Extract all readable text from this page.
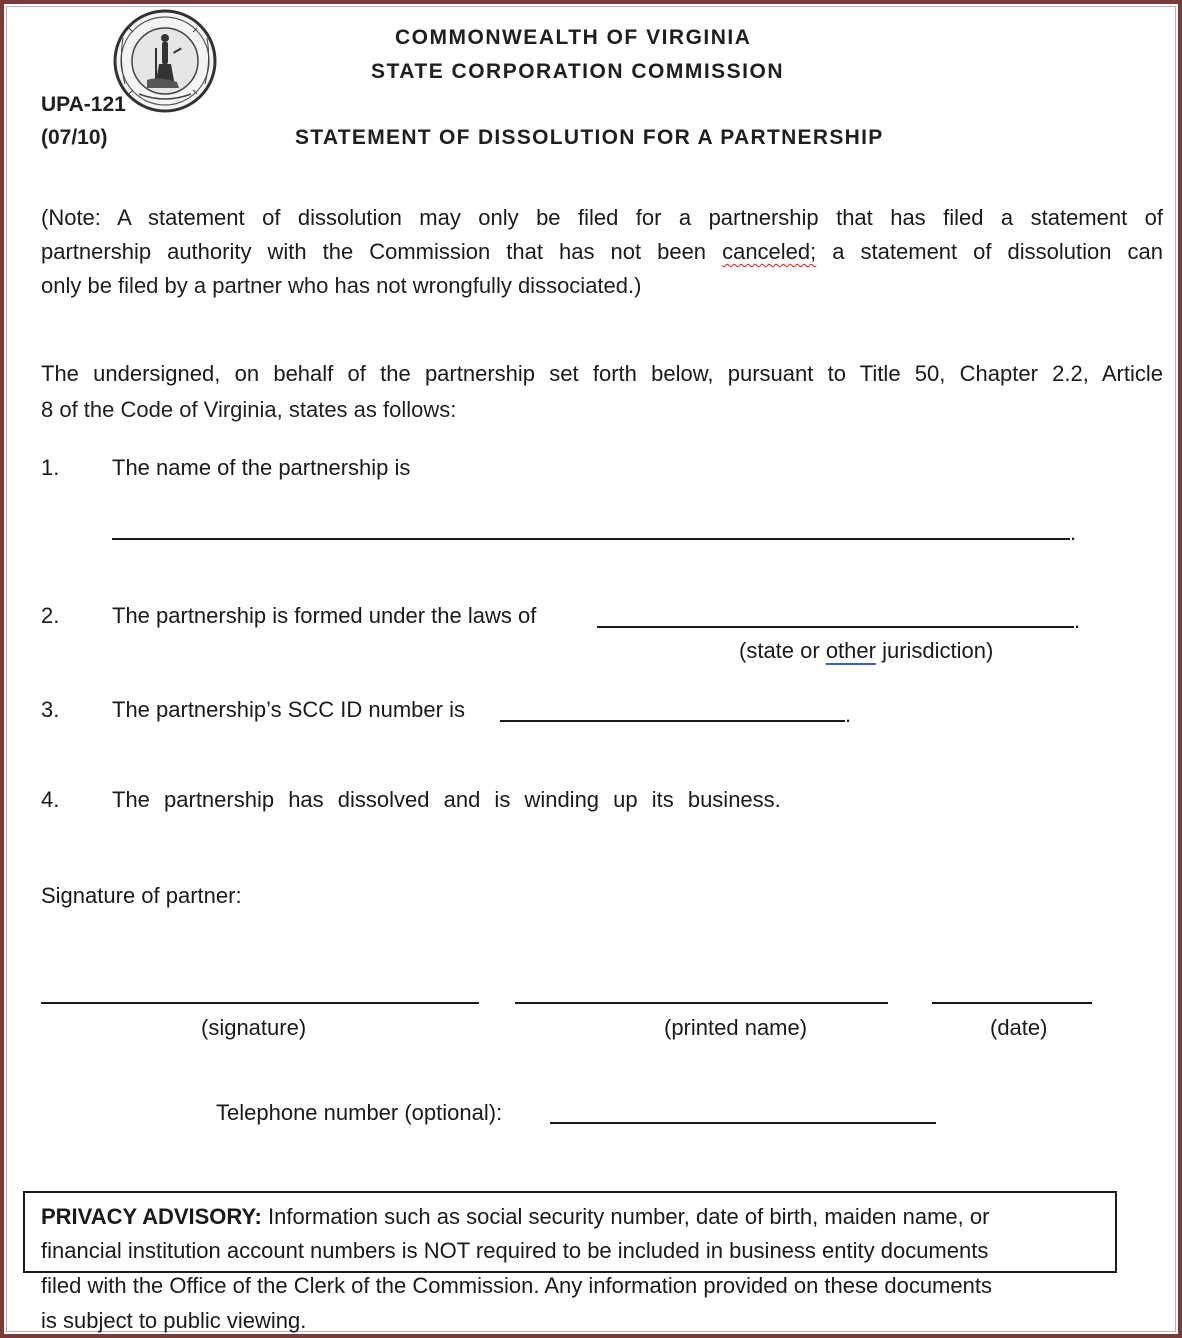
COMMONWEALTH OF VIRGINIA

STATE CORPORATION COMMISSION

UPA-121

(07/10)	STATEMENT OF DISSOLUTION FOR A PARTNERSHIP

(Note: A statement of dissolution may only be filed for a partnership that has filed a statement of

partnership authority with the Commission that has not been canceled; a statement of dissolution can

only be filed by a partner who has not wrongfully dissociated.)

The undersigned, on behalf of the partnership set forth below, pursuant to Title 50, Chapter 2.2, Article

8 of the Code of Virginia, states as follows:

1. The name of the partnership is
.
2. The partnership is formed under the laws of	.
(state or other jurisdiction)
3. The partnership’s SCC ID number is	.
4. The partnership has dissolved and is winding up its business.
Signature of partner:
(signature)	(printed name)	(date)
Telephone number (optional):
PRIVACY ADVISORY: Information such as social security number, date of birth, maiden name, or
financial institution account numbers is NOT required to be included in business entity documents
filed with the Office of the Clerk of the Commission. Any information provided on these documents
is subject to public viewing.
